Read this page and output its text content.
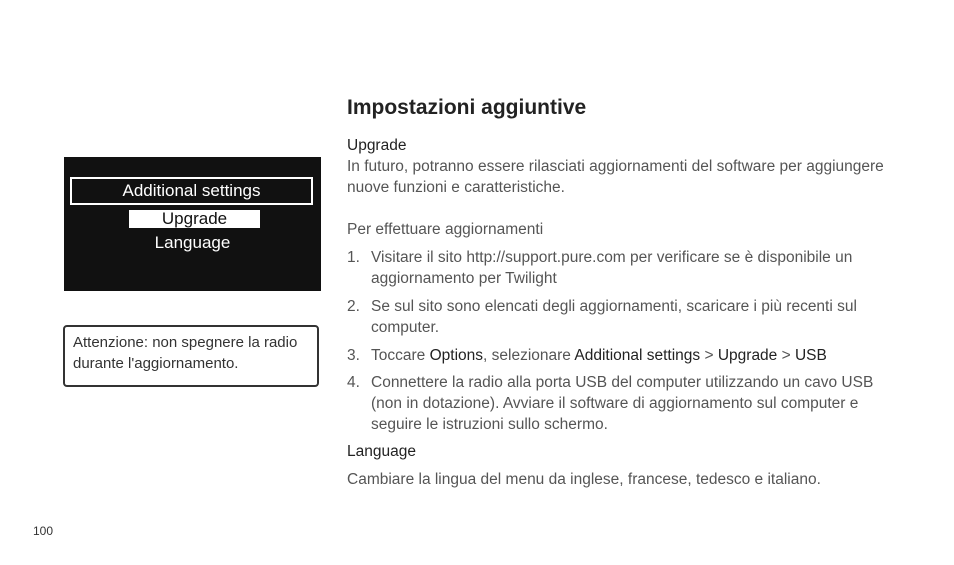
Additional settings
Upgrade
Language
Attenzione: non spegnere la radio durante l'aggiornamento.
Impostazioni aggiuntive
Upgrade
In futuro, potranno essere rilasciati aggiornamenti del software per aggiungere nuove funzioni e caratteristiche.
Per effettuare aggiornamenti
1. Visitare il sito http://support.pure.com per verificare se è disponibile un aggiornamento per Twilight
2. Se sul sito sono elencati degli aggiornamenti, scaricare i più recenti sul computer.
3. Toccare Options, selezionare Additional settings > Upgrade > USB
4. Connettere la radio alla porta USB del computer utilizzando un cavo USB (non in dotazione). Avviare il software di aggiornamento sul computer e seguire le istruzioni sullo schermo.
Language
Cambiare la lingua del menu da inglese, francese, tedesco e italiano.
100
